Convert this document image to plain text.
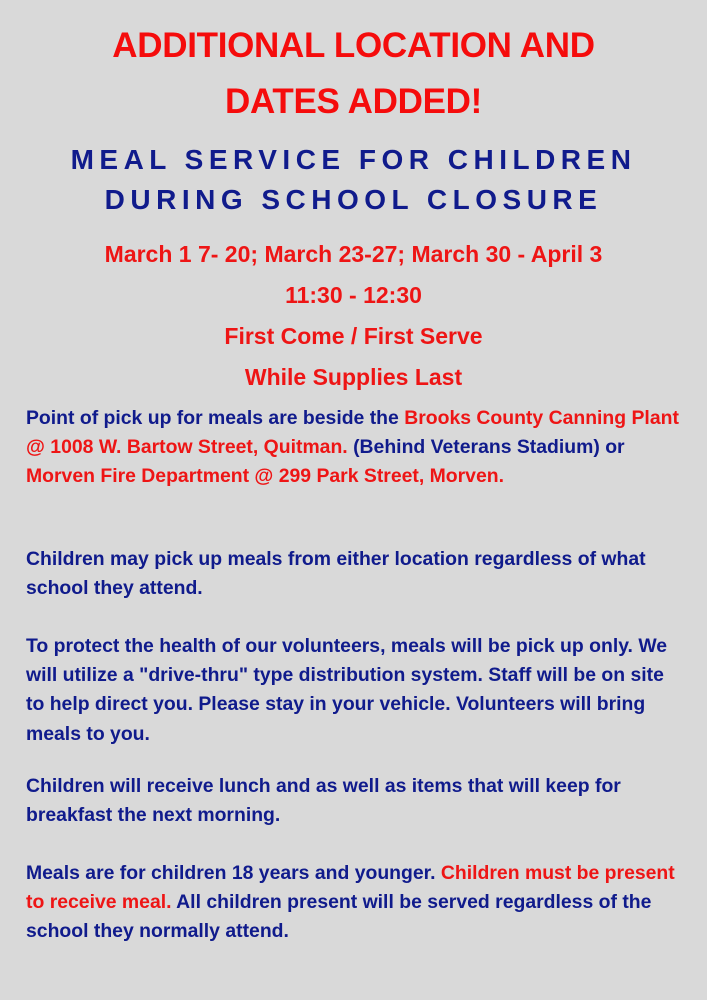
ADDITIONAL LOCATION AND
DATES ADDED!
MEAL SERVICE FOR CHILDREN
DURING SCHOOL CLOSURE
March 1 7- 20; March 23-27; March 30 - April 3
11:30 - 12:30
First Come / First Serve
While Supplies Last

Point of pick up for meals are beside the Brooks County Canning Plant @ 1008 W. Bartow Street, Quitman. (Behind Veterans Stadium) or Morven Fire Department @ 299 Park Street, Morven.

Children may pick up meals from either location regardless of what school they attend.

To protect the health of our volunteers, meals will be pick up only. We will utilize a "drive-thru" type distribution system. Staff will be on site to help direct you. Please stay in your vehicle. Volunteers will bring meals to you.

Children will receive lunch and as well as items that will keep for breakfast the next morning.

Meals are for children 18 years and younger. Children must be present to receive meal. All children present will be served regardless of the school they normally attend.
